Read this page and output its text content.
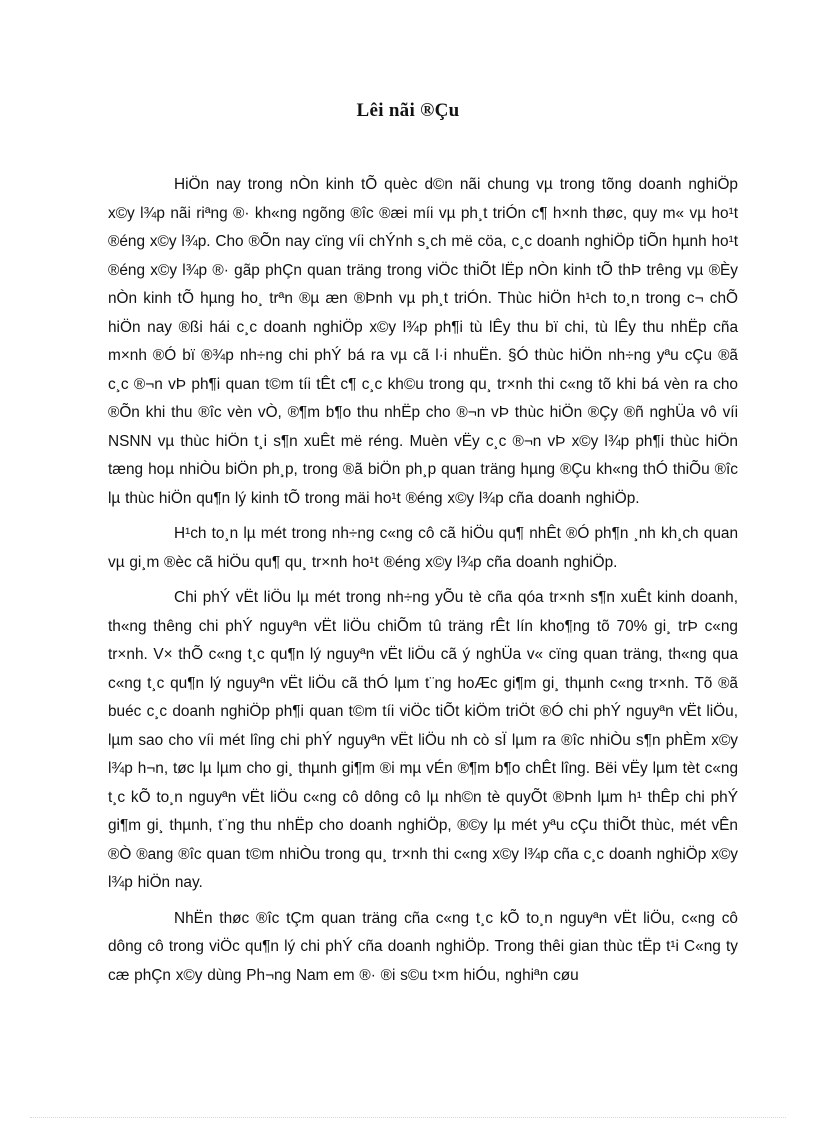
Lêi nãi ®Çu

HiÖn nay trong nÒn kinh tÕ quèc d©n nãi chung vµ trong tõng doanh nghiÖp x©y l¾p nãi riªng ®· kh«ng ngõng ®îc ®æi míi vµ ph¸t triÓn c¶ h×nh thøc, quy m« vµ ho¹t ®éng x©y l¾p. Cho ®Õn nay cïng víi chÝnh s¸ch më cöa, c¸c doanh nghiÖp tiÕn hµnh ho¹t ®éng x©y l¾p ®· gãp phÇn quan träng trong viÖc thiÕt lËp nÒn kinh tÕ thÞ trêng vµ ®Èy nÒn kinh tÕ hµng ho¸ trªn ®µ æn ®Þnh vµ ph¸t triÓn. Thùc hiÖn h¹ch to¸n trong c¬ chÕ hiÖn nay ®ßi hái c¸c doanh nghiÖp x©y l¾p ph¶i tù lÊy thu bï chi, tù lÊy thu nhËp cña m×nh ®Ó bï ®¾p nh÷ng chi phÝ bá ra vµ cã l·i nhuËn. §Ó thùc hiÖn nh÷ng yªu cÇu ®ã c¸c ®¬n vÞ ph¶i quan t©m tíi tÊt c¶ c¸c kh©u trong qu¸ tr×nh thi c«ng tõ khi bá vèn ra cho ®Õn khi thu ®îc vèn vÒ, ®¶m b¶o thu nhËp cho ®¬n vÞ thùc hiÖn ®Çy ®ñ nghÜa vô víi NSNN vµ thùc hiÖn t¸i s¶n xuÊt më réng. Muèn vËy c¸c ®¬n vÞ x©y l¾p ph¶i thùc hiÖn tæng hoµ nhiÒu biÖn ph¸p, trong ®ã biÖn ph¸p quan träng hµng ®Çu kh«ng thÓ thiÕu ®îc lµ thùc hiÖn qu¶n lý kinh tÕ trong mäi ho¹t ®éng x©y l¾p cña doanh nghiÖp.

H¹ch to¸n lµ mét trong nh÷ng c«ng cô cã hiÖu qu¶ nhÊt ®Ó ph¶n ¸nh kh¸ch quan vµ gi¸m ®èc cã hiÖu qu¶ qu¸ tr×nh ho¹t ®éng x©y l¾p cña doanh nghiÖp.

Chi phÝ vËt liÖu lµ mét trong nh÷ng yÕu tè cña qóa tr×nh s¶n xuÊt kinh doanh, th«ng thêng chi phÝ nguyªn vËt liÖu chiÕm tû träng rÊt lín kho¶ng tõ 70% gi¸ trÞ c«ng tr×nh. V× thÕ c«ng t¸c qu¶n lý nguyªn vËt liÖu cã ý nghÜa v« cïng quan träng, th«ng qua c«ng t¸c qu¶n lý nguyªn vËt liÖu cã thÓ lµm t¨ng hoÆc gi¶m gi¸ thµnh c«ng tr×nh. Tõ ®ã buéc c¸c doanh nghiÖp ph¶i quan t©m tíi viÖc tiÕt kiÖm triÖt ®Ó chi phÝ nguyªn vËt liÖu, lµm sao cho víi mét lîng chi phÝ nguyªn vËt liÖu nh cò sÏ lµm ra ®îc nhiÒu s¶n phÈm x©y l¾p h¬n, tøc lµ lµm cho gi¸ thµnh gi¶m ®i mµ vÉn ®¶m b¶o chÊt lîng. Bëi vËy lµm tèt c«ng t¸c kÕ to¸n nguyªn vËt liÖu c«ng cô dông cô lµ nh©n tè quyÕt ®Þnh lµm h¹ thÊp chi phÝ gi¶m gi¸ thµnh, t¨ng thu nhËp cho doanh nghiÖp, ®©y lµ mét yªu cÇu thiÕt thùc, mét vÊn ®Ò ®ang ®îc quan t©m nhiÒu trong qu¸ tr×nh thi c«ng x©y l¾p cña c¸c doanh nghiÖp x©y l¾p hiÖn nay.

NhËn thøc ®îc tÇm quan träng cña c«ng t¸c kÕ to¸n nguyªn vËt liÖu, c«ng cô dông cô trong viÖc qu¶n lý chi phÝ cña doanh nghiÖp. Trong thêi gian thùc tËp t¹i C«ng ty cæ phÇn x©y dùng Ph¬ng Nam em ®· ®i s©u t×m hiÓu, nghiªn cøu
